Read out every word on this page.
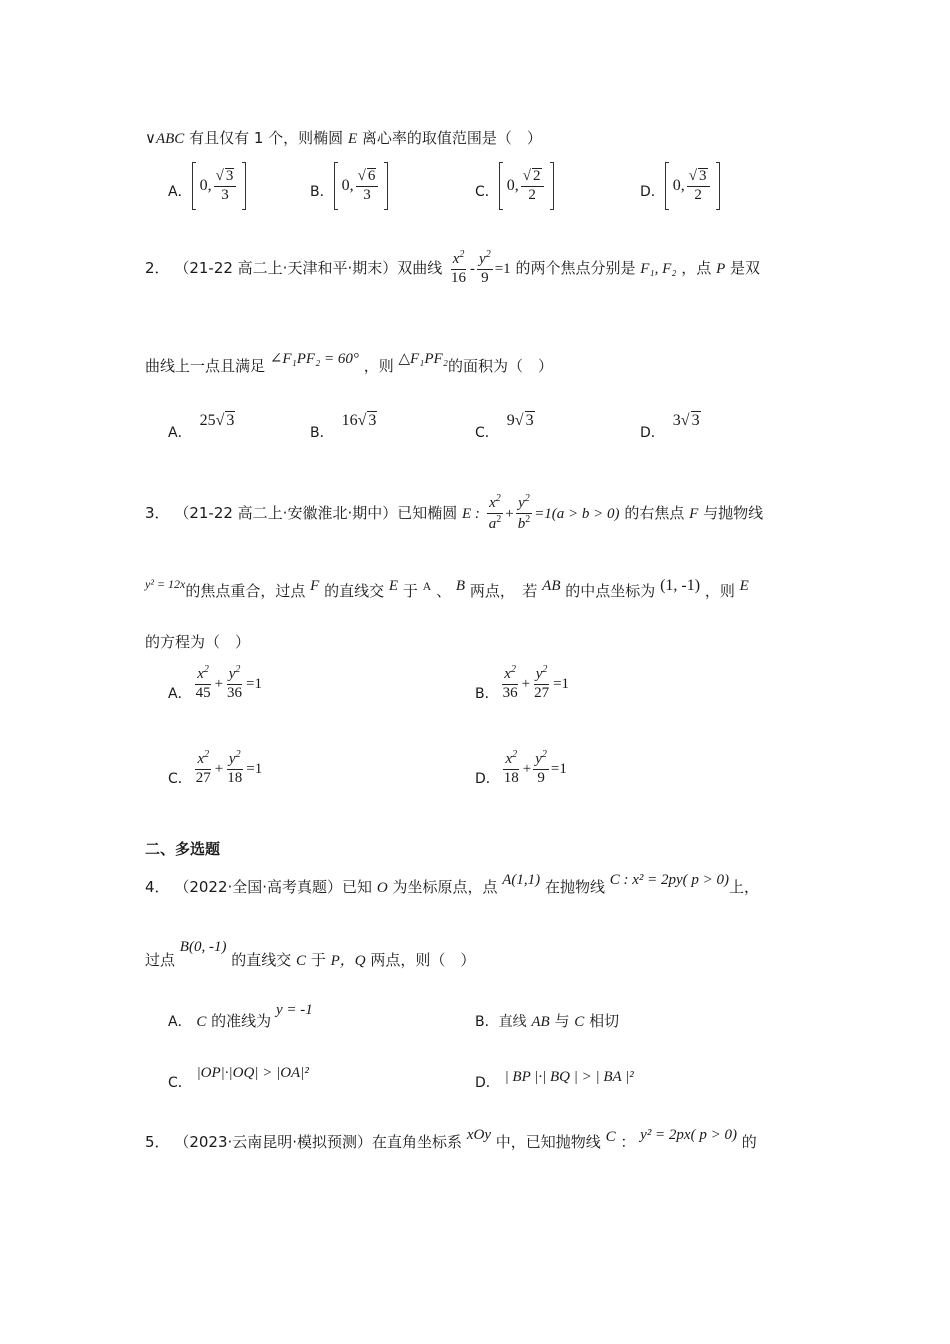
∨ABC 有且仅有 1 个，则椭圆 E 离心率的取值范围是（　）
A． 0, $\frac{√ 3}{3}$	B． 0, $\frac{√ 6}{3}$	C． 0, $\frac{√ 2}{2}$	D． 0, $\frac{√ 3}{2}$
2． （21-22 高二上·天津和平·期末）双曲线 $\frac{x^2}{16} - \frac{y^2}{9} =1$ 的两个焦点分别是 F₁, F₂ ，点 P 是双
曲线上一点且满足 ∠F₁PF₂ = 60° ，则 △F₁PF₂的面积为（　）
A．25√ 3
B．16√ 3
C．9√ 3
D．3√ 3
3． （21-22 高二上·安徽淮北·期中）已知椭圆 E : $\frac{x^2}{a^2} + \frac{y^2}{b^2} =1(a > b > 0)$ 的右焦点 F 与抛物线
$^{y^2 = 12x}$的焦点重合，过点 F 的直线交 E 于 $^A$ 、 B 两点，　若 AB 的中点坐标为 (1, -1) ，则 E
的方程为（　）
A． $\frac{x^2}{45} + \frac{y^2}{36} =1$
B． $\frac{x^2}{36} + \frac{y^2}{27} =1$
C． $\frac{x^2}{27} + \frac{y^2}{18} =1$
D． $\frac{x^2}{18} + \frac{y^2}{9} =1$
二、多选题
4． （2022·全国·高考真题）已知 O 为坐标原点，点 A(1,1) 在抛物线 C : x² = 2py( p > 0)上，
过点 B(0, -1) 的直线交 C 于 P，Q 两点，则（　）
A． C 的准线为 y = -1
B．直线 AB 与 C 相切
C． |OP|·|OQ| > |OA|²
D． | BP |·| BQ | > | BA |²
5． （2023·云南昆明·模拟预测）在直角坐标系 xOy 中，已知抛物线 C ： y² = 2px( p > 0) 的
